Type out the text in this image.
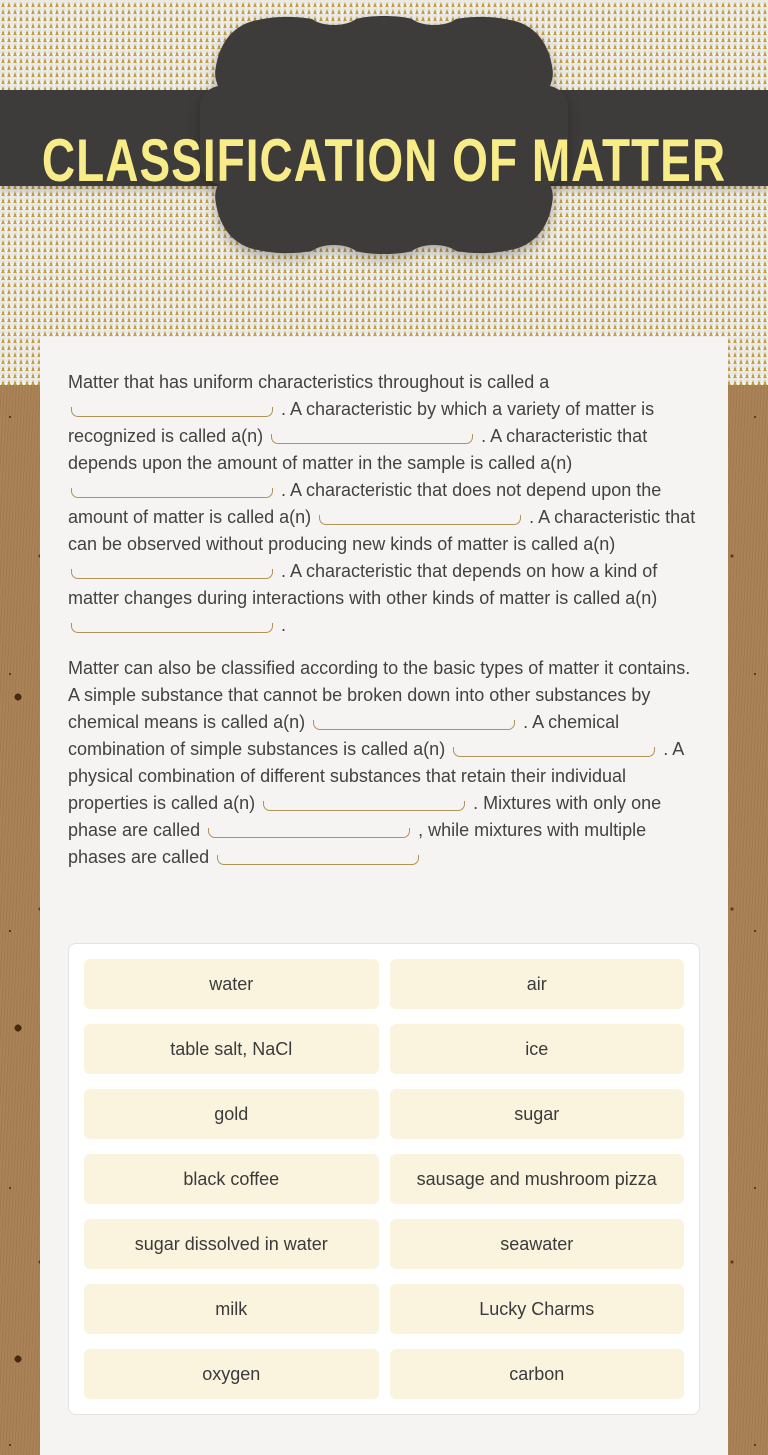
CLASSIFICATION OF MATTER

Matter that has uniform characteristics throughout is called a  . A characteristic by which a variety of matter is recognized is called a(n)	. A characteristic that depends upon the amount of matter in the sample is called a(n)  . A characteristic that does not depend upon the amount of matter is called a(n)	. A characteristic that can be observed without producing new kinds of matter is called a(n)  . A characteristic that depends on how a kind of matter changes during interactions with other kinds of matter is called a(n)  .

Matter can also be classified according to the basic types of matter it contains. A simple substance that cannot be broken down into other substances by chemical means is called a(n)	. A chemical combination of simple substances is called a(n)	. A physical combination of different substances that retain their individual properties is called a(n)	. Mixtures with only one phase are called	, while mixtures with multiple phases are called

water	air
table salt, NaCl	ice
gold	sugar
black coffee	sausage and mushroom pizza
sugar dissolved in water	seawater
milk	Lucky Charms
oxygen	carbon
